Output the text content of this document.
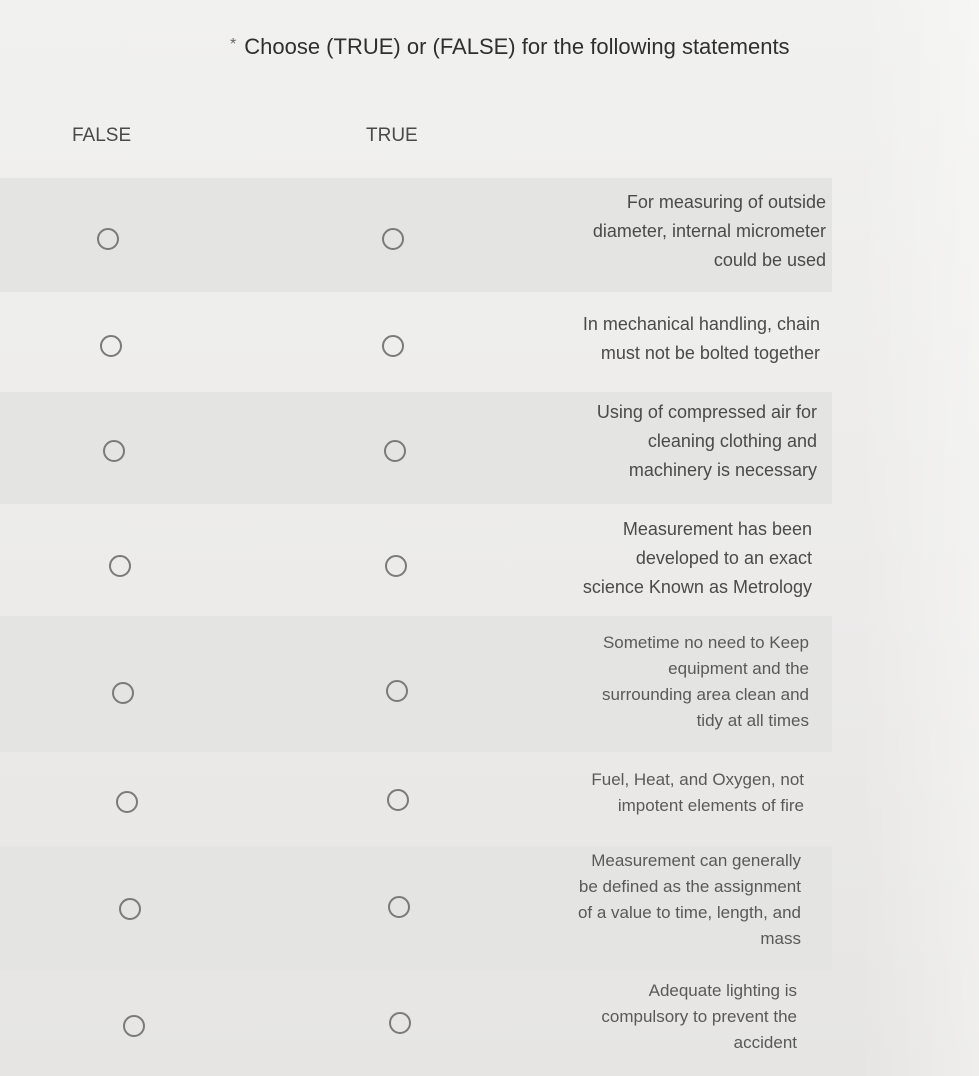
* Choose (TRUE) or (FALSE) for the following statements
FALSE	TRUE
For measuring of outside
diameter, internal micrometer
could be used
In mechanical handling, chain
must not be bolted together
Using of compressed air for
cleaning clothing and
machinery is necessary
Measurement has been
developed to an exact
science Known as Metrology
Sometime no need to Keep
equipment and the
surrounding area clean and
tidy at all times
Fuel, Heat, and Oxygen, not
impotent elements of fire
Measurement can generally
be defined as the assignment
of a value to time, length, and
mass
Adequate lighting is
compulsory to prevent the
accident
